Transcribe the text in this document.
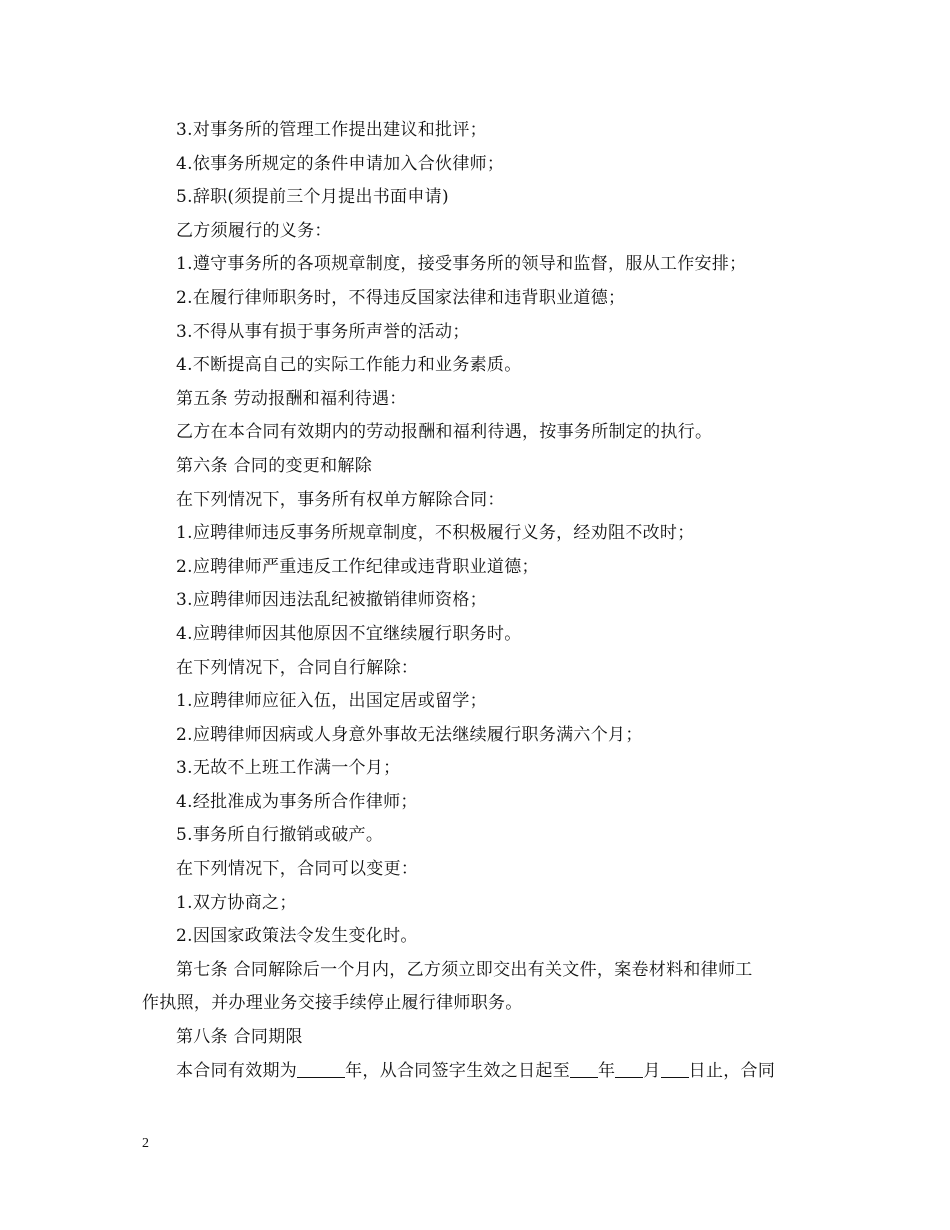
3.对事务所的管理工作提出建议和批评；
4.依事务所规定的条件申请加入合伙律师；
5.辞职(须提前三个月提出书面申请)
乙方须履行的义务：
1.遵守事务所的各项规章制度，接受事务所的领导和监督，服从工作安排；
2.在履行律师职务时，不得违反国家法律和违背职业道德；
3.不得从事有损于事务所声誉的活动；
4.不断提高自己的实际工作能力和业务素质。
第五条 劳动报酬和福利待遇：
乙方在本合同有效期内的劳动报酬和福利待遇，按事务所制定的执行。
第六条 合同的变更和解除
在下列情况下，事务所有权单方解除合同：
1.应聘律师违反事务所规章制度，不积极履行义务，经劝阻不改时；
2.应聘律师严重违反工作纪律或违背职业道德；
3.应聘律师因违法乱纪被撤销律师资格；
4.应聘律师因其他原因不宜继续履行职务时。
在下列情况下，合同自行解除：
1.应聘律师应征入伍，出国定居或留学；
2.应聘律师因病或人身意外事故无法继续履行职务满六个月；
3.无故不上班工作满一个月；
4.经批准成为事务所合作律师；
5.事务所自行撤销或破产。
在下列情况下，合同可以变更：
1.双方协商之；
2.因国家政策法令发生变化时。
第七条 合同解除后一个月内，乙方须立即交出有关文件，案卷材料和律师工
作执照，并办理业务交接手续停止履行律师职务。
第八条 合同期限
本合同有效期为	年，从合同签字生效之日起至 年 月 日止，合同
2
